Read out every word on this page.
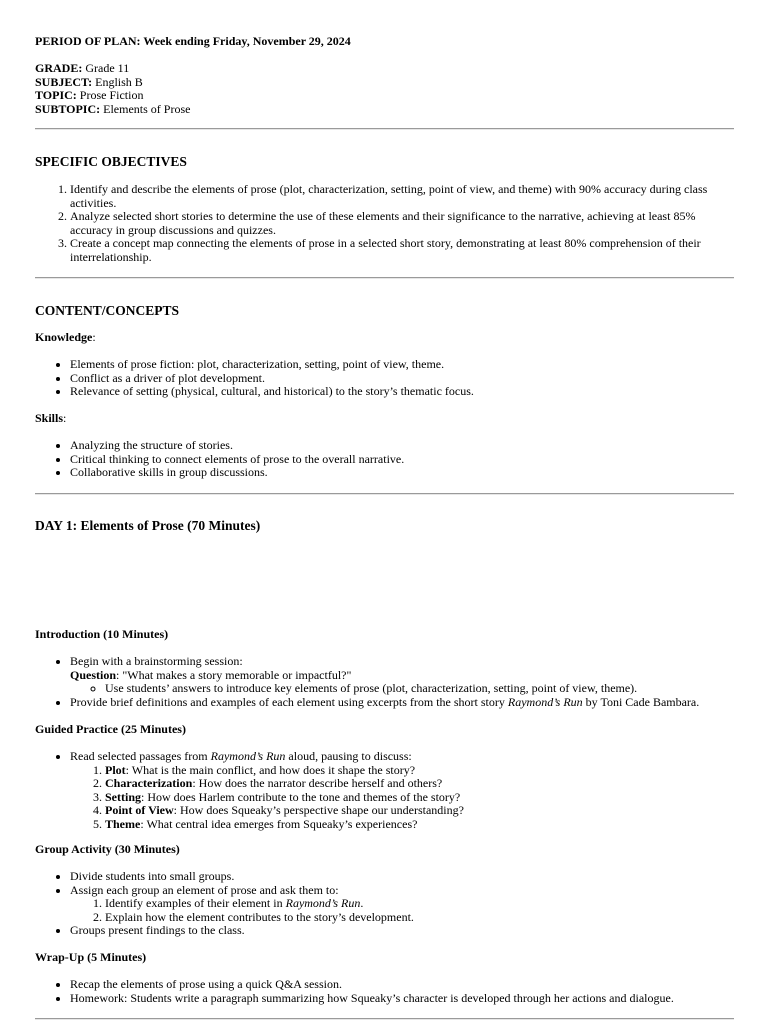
PERIOD OF PLAN: Week ending Friday, November 29, 2024

GRADE: Grade 11
SUBJECT: English B
TOPIC: Prose Fiction
SUBTOPIC: Elements of Prose

SPECIFIC OBJECTIVES

1. Identify and describe the elements of prose (plot, characterization, setting, point of view, and theme) with 90% accuracy during class activities.
2. Analyze selected short stories to determine the use of these elements and their significance to the narrative, achieving at least 85% accuracy in group discussions and quizzes.
3. Create a concept map connecting the elements of prose in a selected short story, demonstrating at least 80% comprehension of their interrelationship.

CONTENT/CONCEPTS

Knowledge:

• Elements of prose fiction: plot, characterization, setting, point of view, theme.
• Conflict as a driver of plot development.
• Relevance of setting (physical, cultural, and historical) to the story’s thematic focus.

Skills:

• Analyzing the structure of stories.
• Critical thinking to connect elements of prose to the overall narrative.
• Collaborative skills in group discussions.

DAY 1: Elements of Prose (70 Minutes)

Introduction (10 Minutes)

• Begin with a brainstorming session:
Question: "What makes a story memorable or impactful?"
◦ Use students’ answers to introduce key elements of prose (plot, characterization, setting, point of view, theme).
• Provide brief definitions and examples of each element using excerpts from the short story Raymond’s Run by Toni Cade Bambara.

Guided Practice (25 Minutes)

• Read selected passages from Raymond’s Run aloud, pausing to discuss:
1. Plot: What is the main conflict, and how does it shape the story?
2. Characterization: How does the narrator describe herself and others?
3. Setting: How does Harlem contribute to the tone and themes of the story?
4. Point of View: How does Squeaky’s perspective shape our understanding?
5. Theme: What central idea emerges from Squeaky’s experiences?

Group Activity (30 Minutes)

• Divide students into small groups.
• Assign each group an element of prose and ask them to:
1. Identify examples of their element in Raymond’s Run.
2. Explain how the element contributes to the story’s development.
• Groups present findings to the class.

Wrap-Up (5 Minutes)

• Recap the elements of prose using a quick Q&A session.
• Homework: Students write a paragraph summarizing how Squeaky’s character is developed through her actions and dialogue.
